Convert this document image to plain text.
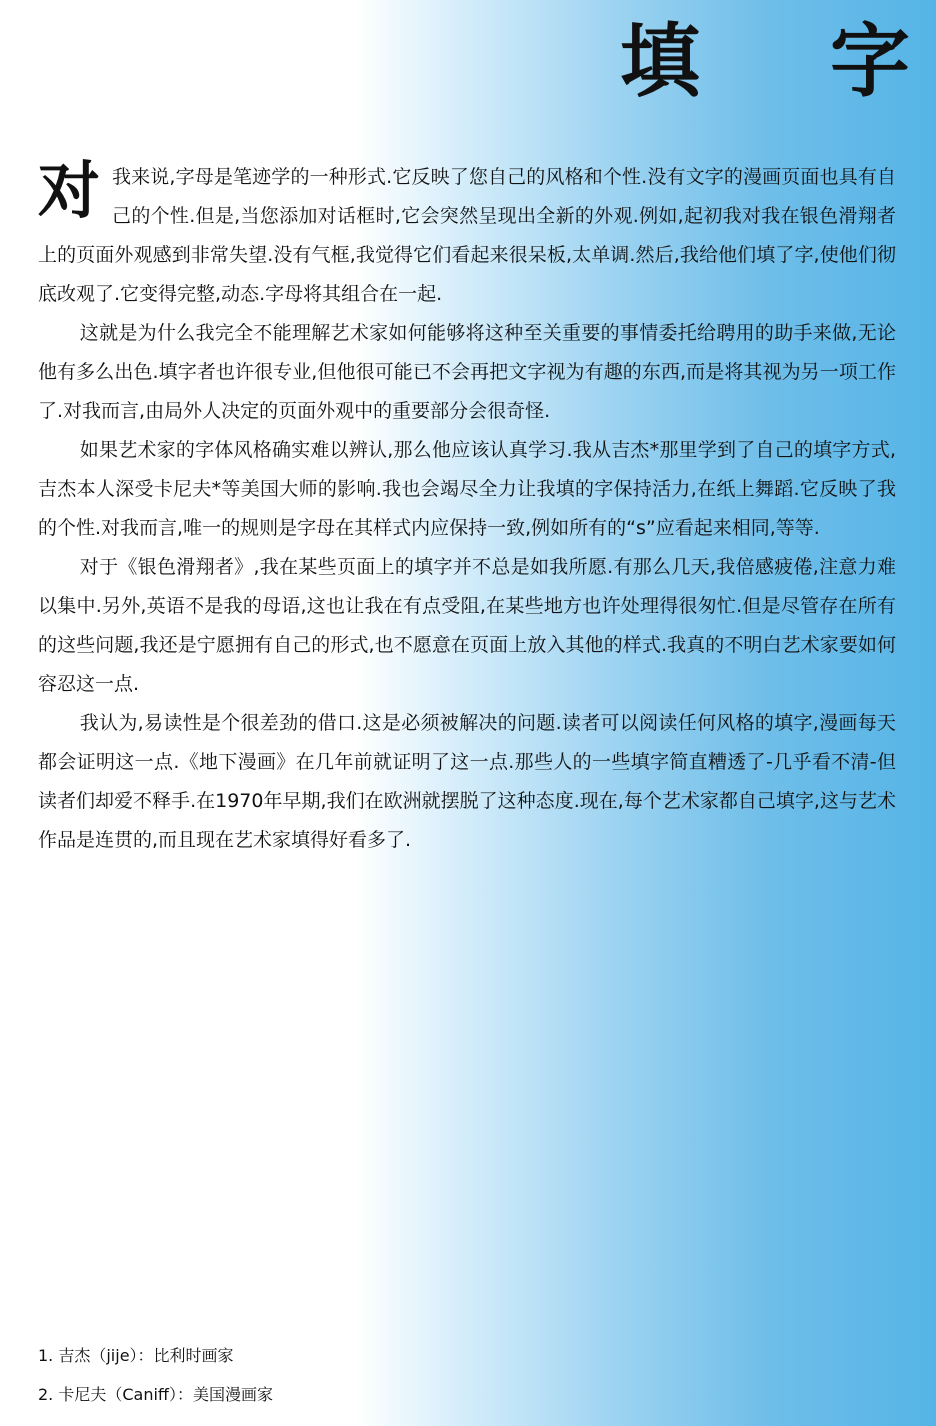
填 字

对我来说,字母是笔迹学的一种形式.它反映了您自己的风格和个性.没有文字的漫画页面也具有自己的个性.但是,当您添加对话框时,它会突然呈现出全新的外观.例如,起初我对我在银色滑翔者上的页面外观感到非常失望.没有气框,我觉得它们看起来很呆板,太单调.然后,我给他们填了字,使他们彻底改观了.它变得完整,动态.字母将其组合在一起.

这就是为什么我完全不能理解艺术家如何能够将这种至关重要的事情委托给聘用的助手来做,无论他有多么出色.填字者也许很专业,但他很可能已不会再把文字视为有趣的东西,而是将其视为另一项工作了.对我而言,由局外人决定的页面外观中的重要部分会很奇怪.

如果艺术家的字体风格确实难以辨认,那么他应该认真学习.我从吉杰*那里学到了自己的填字方式,吉杰本人深受卡尼夫*等美国大师的影响.我也会竭尽全力让我填的字保持活力,在纸上舞蹈.它反映了我的个性.对我而言,唯一的规则是字母在其样式内应保持一致,例如所有的“s”应看起来相同,等等.

对于《银色滑翔者》,我在某些页面上的填字并不总是如我所愿.有那么几天,我倍感疲倦,注意力难以集中.另外,英语不是我的母语,这也让我在有点受阻,在某些地方也许处理得很匆忙.但是尽管存在所有的这些问题,我还是宁愿拥有自己的形式,也不愿意在页面上放入其他的样式.我真的不明白艺术家要如何容忍这一点.

我认为,易读性是个很差劲的借口.这是必须被解决的问题.读者可以阅读任何风格的填字,漫画每天都会证明这一点.《地下漫画》在几年前就证明了这一点.那些人的一些填字简直糟透了-几乎看不清-但读者们却爱不释手.在1970年早期,我们在欧洲就摆脱了这种态度.现在,每个艺术家都自己填字,这与艺术作品是连贯的,而且现在艺术家填得好看多了.

1. 吉杰（jije）：比利时画家

2. 卡尼夫（Caniff）：美国漫画家
